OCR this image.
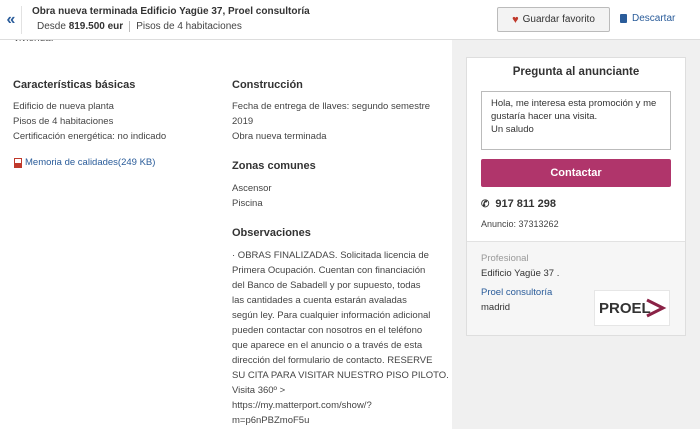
«	Obra nueva terminada Edificio Yagüe 37, Proel consultoría
Desde 819.500 eur Pisos de 4 habitaciones
♥ Guardar favorito	Descartar
Características básicas
Edificio de nueva planta
Pisos de 4 habitaciones
Certificación energética: no indicado
Memoria de calidades(249 KB)
Construcción
Fecha de entrega de llaves: segundo semestre
2019
Obra nueva terminada
Zonas comunes
Ascensor
Piscina
Observaciones
· OBRAS FINALIZADAS. Solicitada licencia de
Primera Ocupación. Cuentan con financiación
del Banco de Sabadell y por supuesto, todas
las cantidades a cuenta estarán avaladas
según ley. Para cualquier información adicional
pueden contactar con nosotros en el teléfono
que aparece en el anuncio o a través de esta
dirección del formulario de contacto. RESERVE
SU CITA PARA VISITAR NUESTRO PISO PILOTO.
Visita 360º >
https://my.matterport.com/show/?
m=p6nPBZmoF5u
Pregunta al anunciante
Hola, me interesa esta promoción y me gustaría hacer una visita. Un saludo
Contactar
✆ 917 811 298
Anuncio: 37313262
Profesional
Edificio Yagüe 37 .
Proel consultoría
madrid	PROEL
